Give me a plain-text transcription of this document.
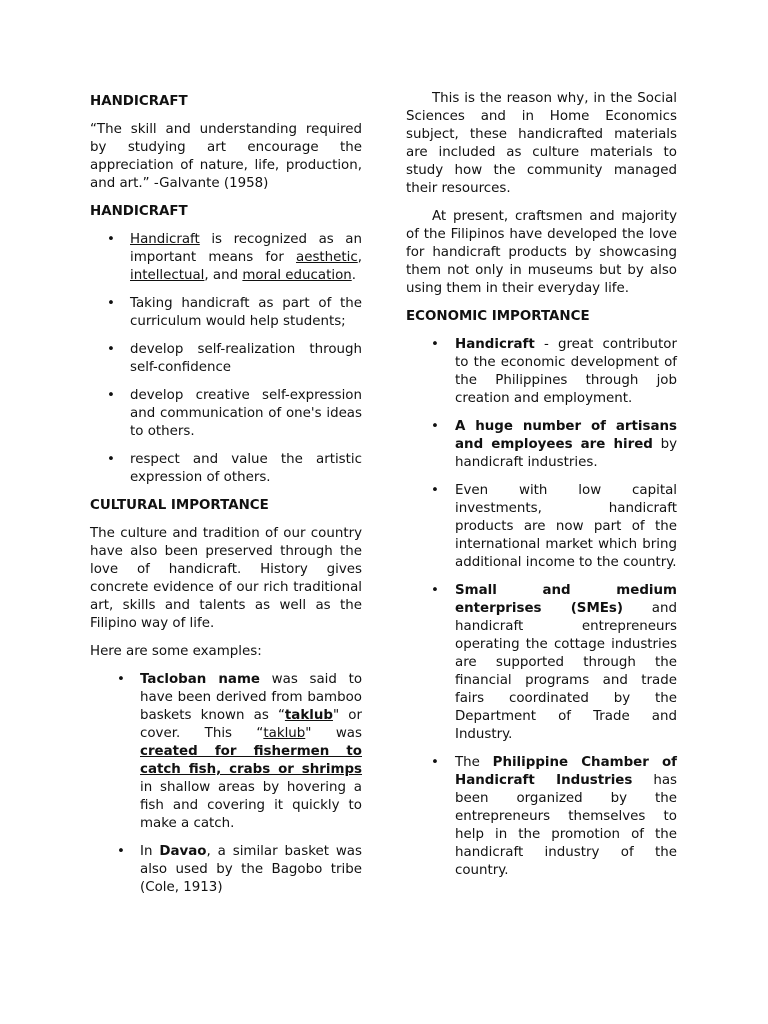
HANDICRAFT

“The skill and understanding required by studying art encourage the appreciation of nature, life, production, and art.” -Galvante (1958)

HANDICRAFT
• Handicraft is recognized as an important means for aesthetic, intellectual, and moral education.
• Taking handicraft as part of the curriculum would help students;
• develop self-realization through self-confidence
• develop creative self-expression and communication of one's ideas to others.
• respect and value the artistic expression of others.
CULTURAL IMPORTANCE

The culture and tradition of our country have also been preserved through the love of handicraft. History gives concrete evidence of our rich traditional art, skills and talents as well as the Filipino way of life.

Here are some examples:

• Tacloban name was said to have been derived from bamboo baskets known as “taklub" or cover. This “taklub" was created for fishermen to catch fish, crabs or shrimps in shallow areas by hovering a fish and covering it quickly to make a catch.
• In Davao, a similar basket was also used by the Bagobo tribe (Cole, 1913)

This is the reason why, in the Social Sciences and in Home Economics subject, these handicrafted materials are included as culture materials to study how the community managed their resources.

At present, craftsmen and majority of the Filipinos have developed the love for handicraft products by showcasing them not only in museums but by also using them in their everyday life.

ECONOMIC IMPORTANCE
• Handicraft - great contributor to the economic development of the Philippines through job creation and employment.
• A huge number of artisans and employees are hired by handicraft industries.
• Even with low capital investments, handicraft products are now part of the international market which bring additional income to the country.
• Small and medium enterprises (SMEs) and handicraft entrepreneurs operating the cottage industries are supported through the financial programs and trade fairs coordinated by the Department of Trade and Industry.
• The Philippine Chamber of Handicraft Industries has been organized by the entrepreneurs themselves to help in the promotion of the handicraft industry of the country.
